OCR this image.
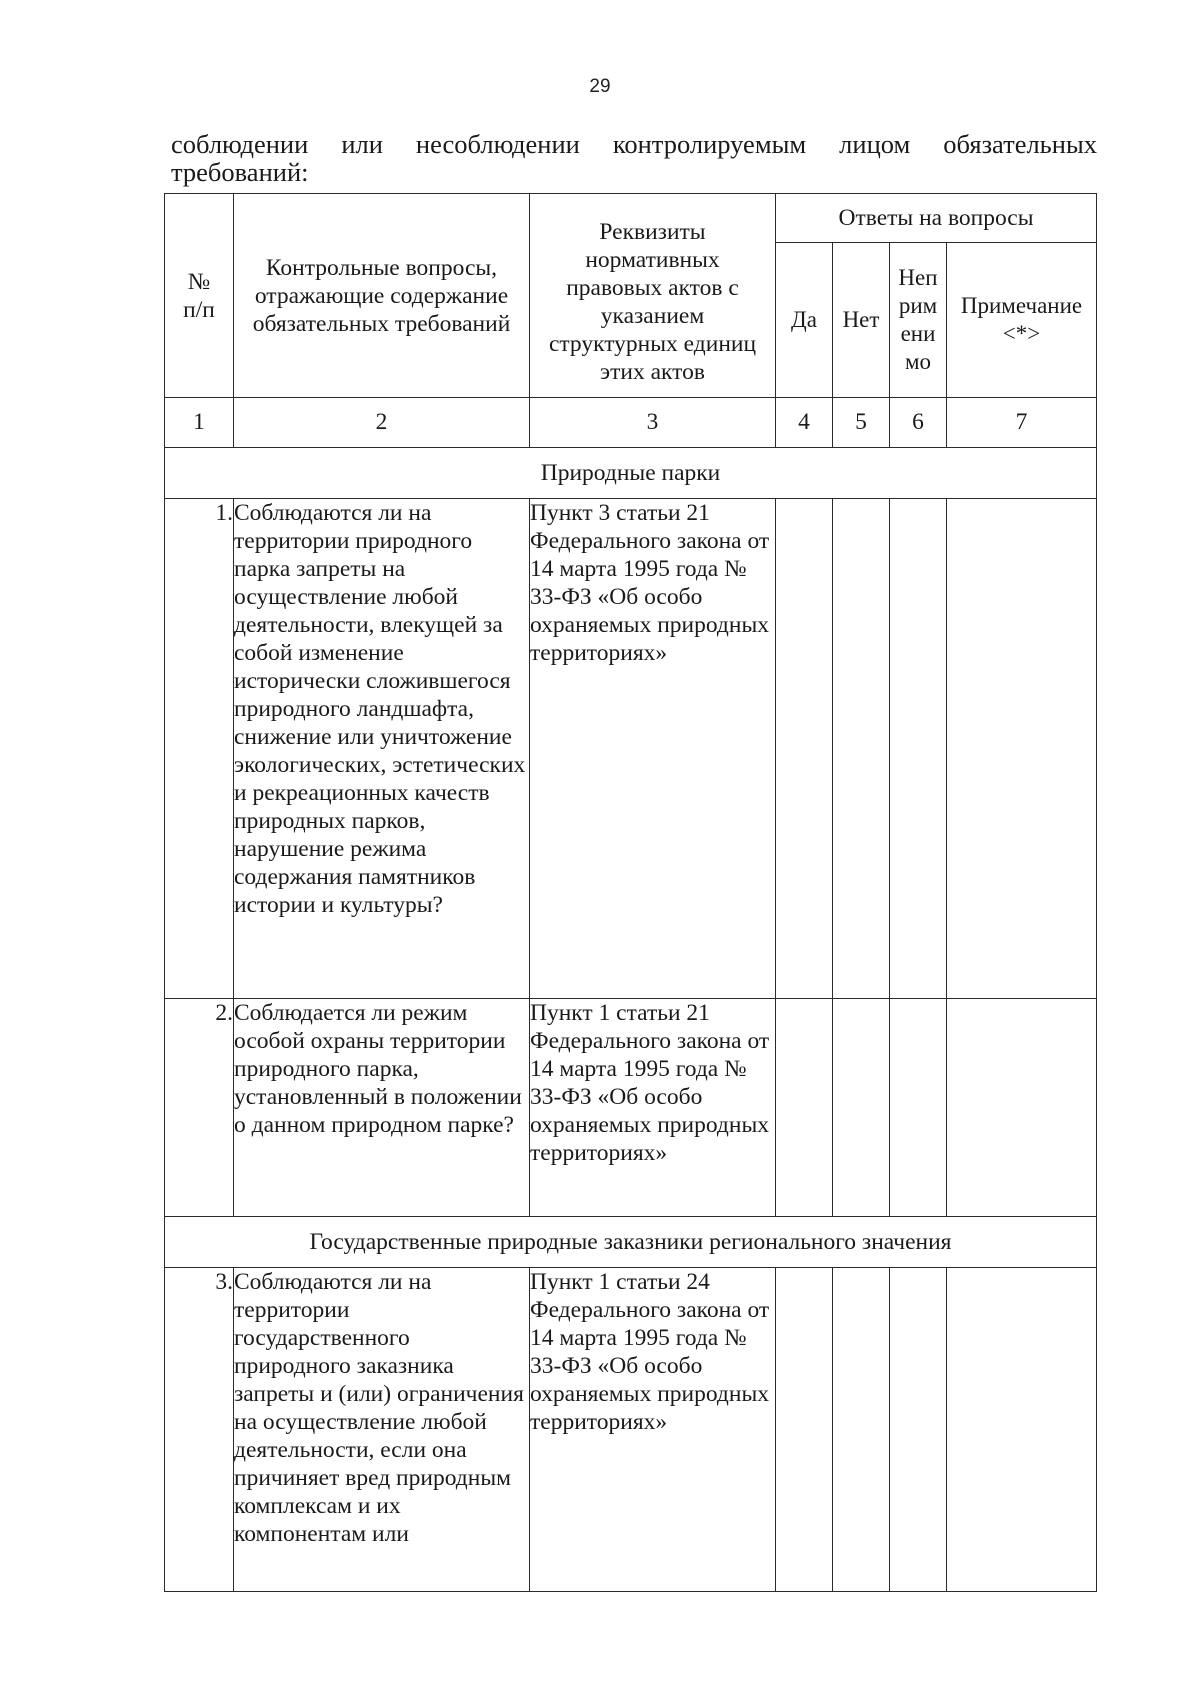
29
соблюдении или несоблюдении контролируемым лицом обязательных требований:
№ п/п	Контрольные вопросы, отражающие содержание обязательных требований	Реквизиты нормативных правовых актов с указанием структурных единиц этих актов	Ответы на вопросы			
			Да	Нет	Неп рим ени мо	Примечание <*>
1	2	3	4	5	6	7
Природные парки						
1.	Соблюдаются ли на территории природного парка запреты на осуществление любой деятельности, влекущей за собой изменение исторически сложившегося природного ландшафта, снижение или уничтожение экологических, эстетических и рекреационных качеств природных парков, нарушение режима содержания памятников истории и культуры?	Пункт 3 статьи 21 Федерального закона от 14 марта 1995 года № 33-ФЗ «Об особо охраняемых природных территориях»				
2.	Соблюдается ли режим особой охраны территории природного парка, установленный в положении о данном природном парке?	Пункт 1 статьи 21 Федерального закона от 14 марта 1995 года № 33-ФЗ «Об особо охраняемых природных территориях»				
Государственные природные заказники регионального значения						
3.	Соблюдаются ли на территории государственного природного заказника запреты и (или) ограничения на осуществление любой деятельности, если она причиняет вред природным комплексам и их компонентам или	Пункт 1 статьи 24 Федерального закона от 14 марта 1995 года № 33-ФЗ «Об особо охраняемых природных территориях»				
